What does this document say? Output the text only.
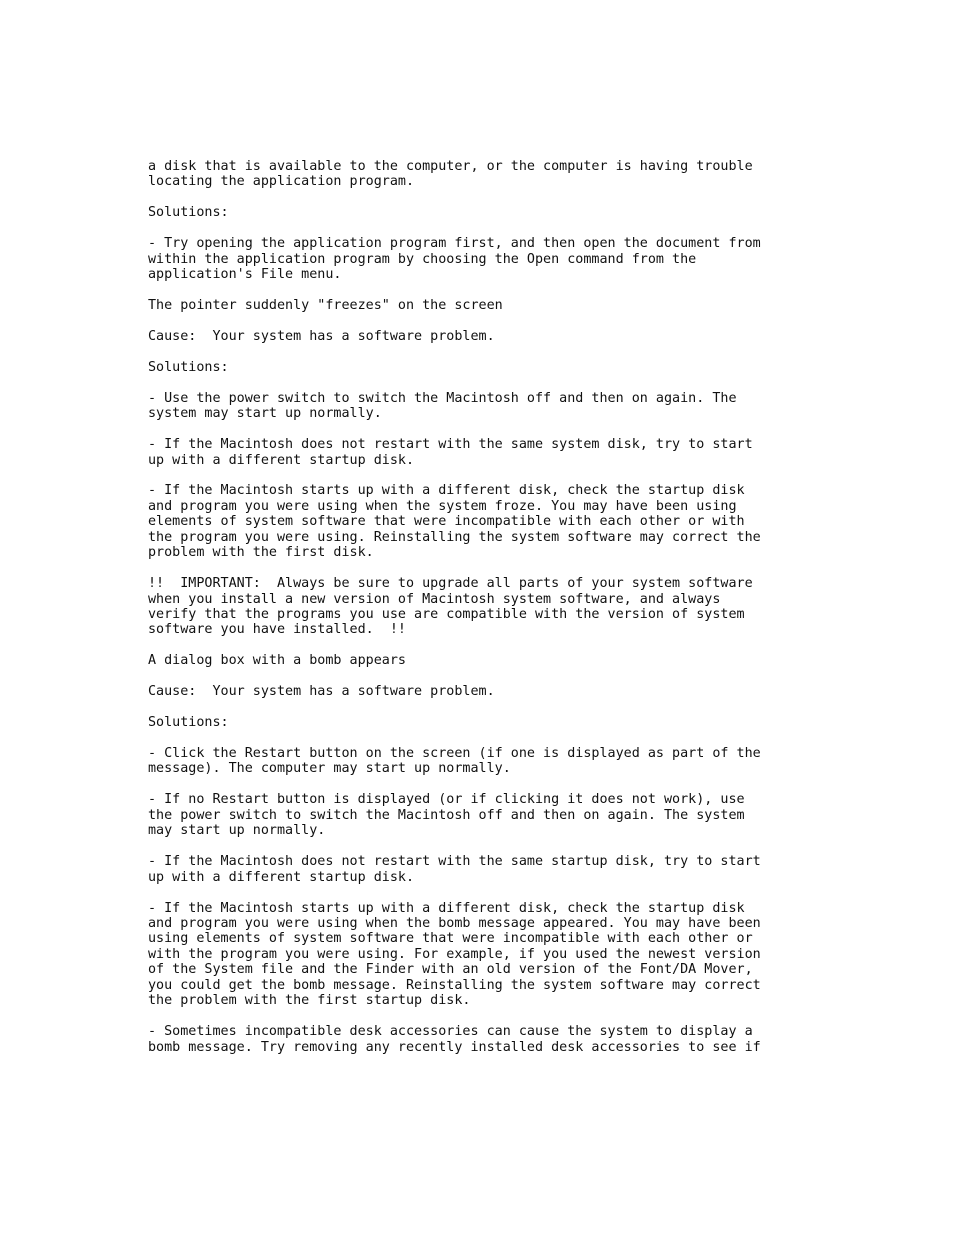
a disk that is available to the computer, or the computer is having trouble
locating the application program.
Solutions:
- Try opening the application program first, and then open the document from
within the application program by choosing the Open command from the
application's File menu.
The pointer suddenly "freezes" on the screen
Cause:  Your system has a software problem.
Solutions:
- Use the power switch to switch the Macintosh off and then on again. The
system may start up normally.
- If the Macintosh does not restart with the same system disk, try to start
up with a different startup disk.
- If the Macintosh starts up with a different disk, check the startup disk
and program you were using when the system froze. You may have been using
elements of system software that were incompatible with each other or with
the program you were using. Reinstalling the system software may correct the
problem with the first disk.
!!  IMPORTANT:  Always be sure to upgrade all parts of your system software
when you install a new version of Macintosh system software, and always
verify that the programs you use are compatible with the version of system
software you have installed.  !!
A dialog box with a bomb appears
Cause:  Your system has a software problem.
Solutions:
- Click the Restart button on the screen (if one is displayed as part of the
message). The computer may start up normally.
- If no Restart button is displayed (or if clicking it does not work), use
the power switch to switch the Macintosh off and then on again. The system
may start up normally.
- If the Macintosh does not restart with the same startup disk, try to start
up with a different startup disk.
- If the Macintosh starts up with a different disk, check the startup disk
and program you were using when the bomb message appeared. You may have been
using elements of system software that were incompatible with each other or
with the program you were using. For example, if you used the newest version
of the System file and the Finder with an old version of the Font/DA Mover,
you could get the bomb message. Reinstalling the system software may correct
the problem with the first startup disk.
- Sometimes incompatible desk accessories can cause the system to display a
bomb message. Try removing any recently installed desk accessories to see if
